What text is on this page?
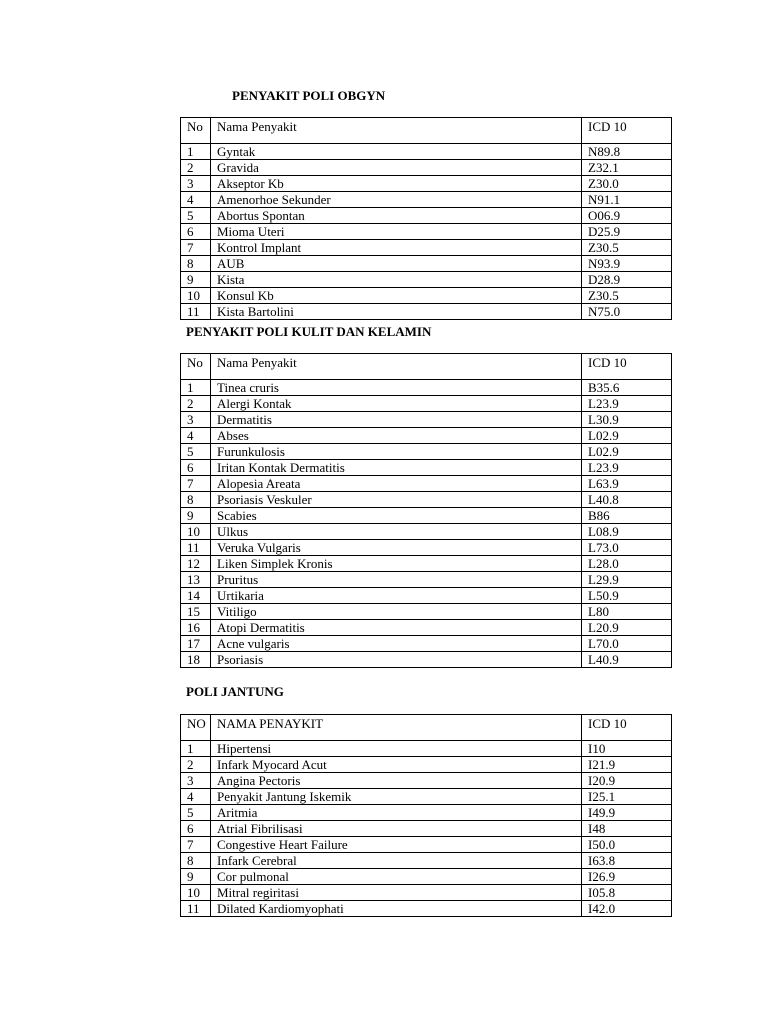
PENYAKIT POLI OBGYN
No	Nama Penyakit	ICD 10
1	Gyntak	N89.8
2	Gravida	Z32.1
3	Akseptor Kb	Z30.0
4	Amenorhoe Sekunder	N91.1
5	Abortus Spontan	O06.9
6	Mioma Uteri	D25.9
7	Kontrol Implant	Z30.5
8	AUB	N93.9
9	Kista	D28.9
10	Konsul Kb	Z30.5
11	Kista Bartolini	N75.0
PENYAKIT POLI KULIT DAN KELAMIN
No	Nama Penyakit	ICD 10
1	Tinea cruris	B35.6
2	Alergi Kontak	L23.9
3	Dermatitis	L30.9
4	Abses	L02.9
5	Furunkulosis	L02.9
6	Iritan Kontak Dermatitis	L23.9
7	Alopesia Areata	L63.9
8	Psoriasis Veskuler	L40.8
9	Scabies	B86
10	Ulkus	L08.9
11	Veruka Vulgaris	L73.0
12	Liken Simplek Kronis	L28.0
13	Pruritus	L29.9
14	Urtikaria	L50.9
15	Vitiligo	L80
16	Atopi Dermatitis	L20.9
17	Acne vulgaris	L70.0
18	Psoriasis	L40.9
POLI JANTUNG
NO	NAMA PENAYKIT	ICD 10
1	Hipertensi	I10
2	Infark Myocard Acut	I21.9
3	Angina Pectoris	I20.9
4	Penyakit Jantung Iskemik	I25.1
5	Aritmia	I49.9
6	Atrial Fibrilisasi	I48
7	Congestive Heart Failure	I50.0
8	Infark Cerebral	I63.8
9	Cor pulmonal	I26.9
10	Mitral regiritasi	I05.8
11	Dilated Kardiomyophati	I42.0
